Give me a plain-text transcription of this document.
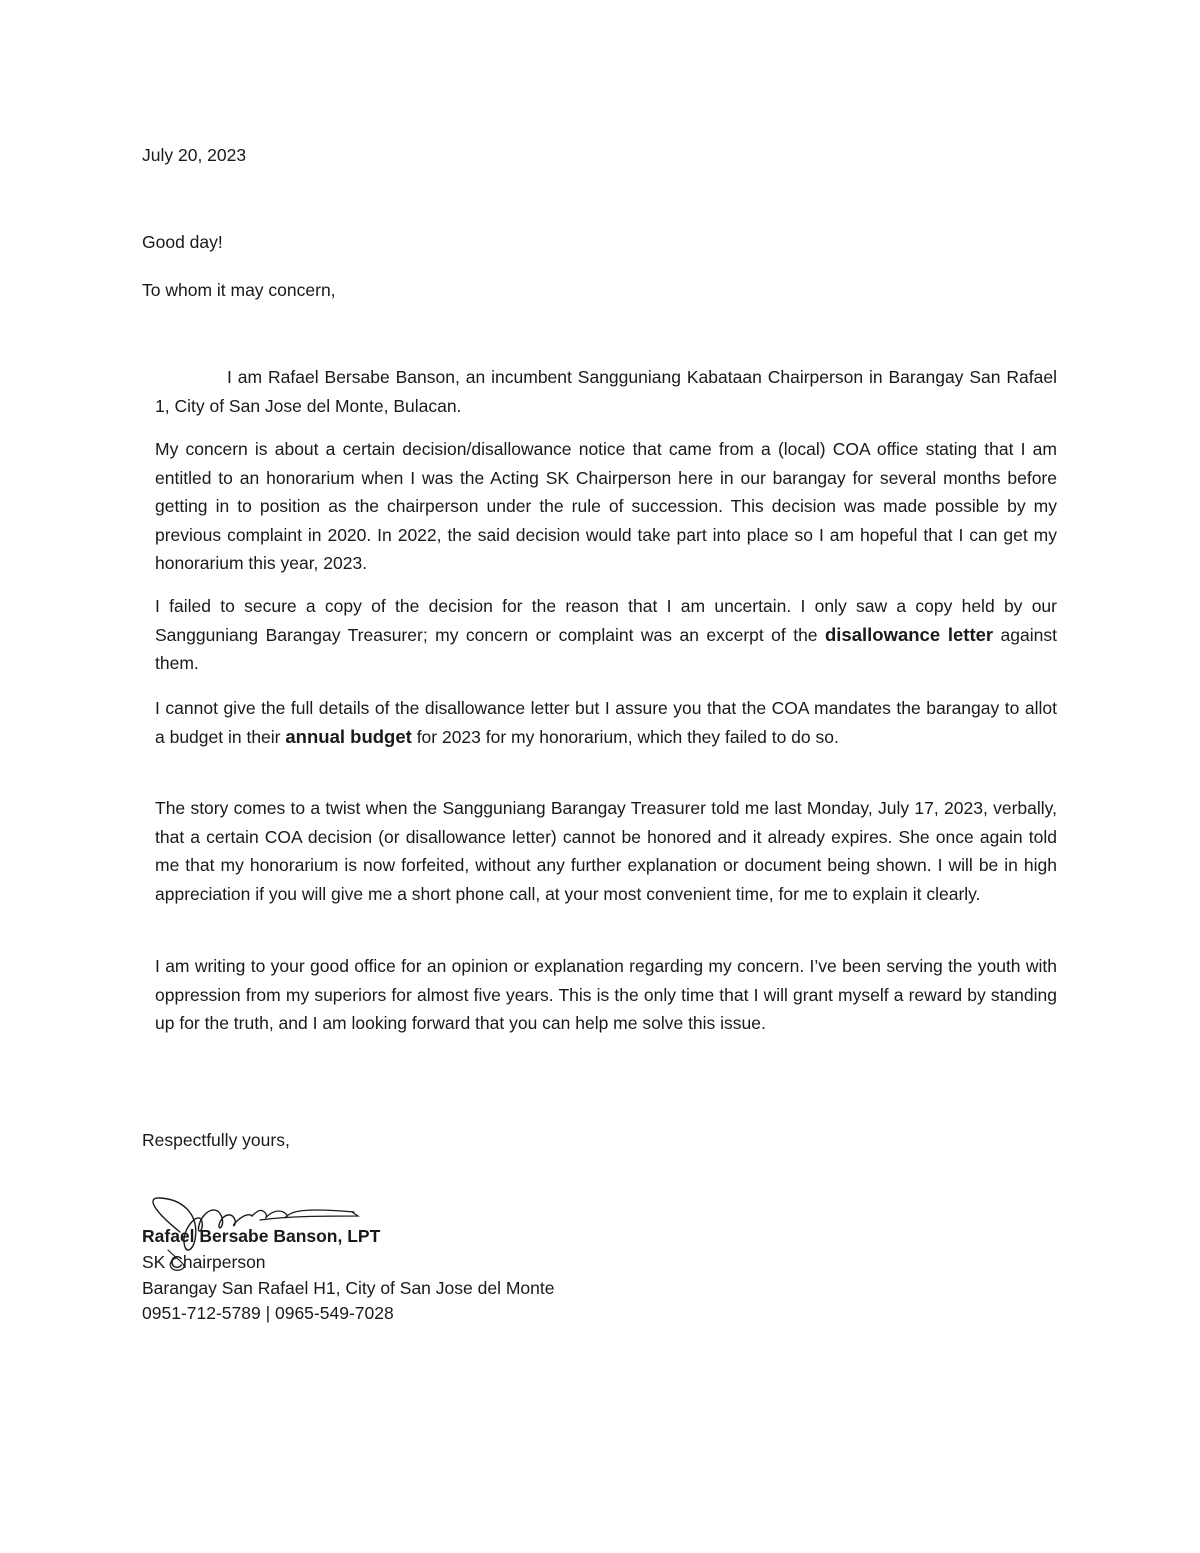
July 20, 2023
Good day!
To whom it may concern,
I am Rafael Bersabe Banson, an incumbent Sangguniang Kabataan Chairperson in Barangay San Rafael 1, City of San Jose del Monte, Bulacan.
My concern is about a certain decision/disallowance notice that came from a (local) COA office stating that I am entitled to an honorarium when I was the Acting SK Chairperson here in our barangay for several months before getting in to position as the chairperson under the rule of succession. This decision was made possible by my previous complaint in 2020. In 2022, the said decision would take part into place so I am hopeful that I can get my honorarium this year, 2023.
I failed to secure a copy of the decision for the reason that I am uncertain. I only saw a copy held by our Sangguniang Barangay Treasurer; my concern or complaint was an excerpt of the disallowance letter against them.
I cannot give the full details of the disallowance letter but I assure you that the COA mandates the barangay to allot a budget in their annual budget for 2023 for my honorarium, which they failed to do so.
The story comes to a twist when the Sangguniang Barangay Treasurer told me last Monday, July 17, 2023, verbally, that a certain COA decision (or disallowance letter) cannot be honored and it already expires. She once again told me that my honorarium is now forfeited, without any further explanation or document being shown. I will be in high appreciation if you will give me a short phone call, at your most convenient time, for me to explain it clearly.
I am writing to your good office for an opinion or explanation regarding my concern. I’ve been serving the youth with oppression from my superiors for almost five years. This is the only time that I will grant myself a reward by standing up for the truth, and I am looking forward that you can help me solve this issue.
Respectfully yours,
Rafael Bersabe Banson, LPT
SK Chairperson
Barangay San Rafael H1, City of San Jose del Monte
0951-712-5789 | 0965-549-7028
